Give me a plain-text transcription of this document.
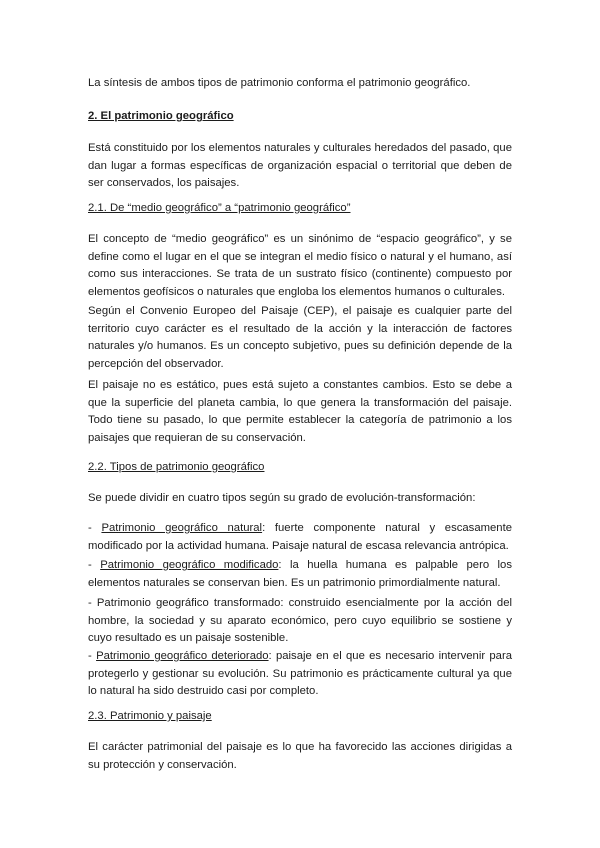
La síntesis de ambos tipos de patrimonio conforma el patrimonio geográfico.

2. El patrimonio geográfico

Está constituido por los elementos naturales y culturales heredados del pasado, que dan lugar a formas específicas de organización espacial o territorial que deben de ser conservados, los paisajes.

2.1. De “medio geográfico” a “patrimonio geográfico”

El concepto de “medio geográfico” es un sinónimo de “espacio geográfico”, y se define como el lugar en el que se integran el medio físico o natural y el humano, así como sus interacciones. Se trata de un sustrato físico (continente) compuesto por elementos geofísicos o naturales que engloba los elementos humanos o culturales.

Según el Convenio Europeo del Paisaje (CEP), el paisaje es cualquier parte del territorio cuyo carácter es el resultado de la acción y la interacción de factores naturales y/o humanos. Es un concepto subjetivo, pues su definición depende de la percepción del observador.

El paisaje no es estático, pues está sujeto a constantes cambios. Esto se debe a que la superficie del planeta cambia, lo que genera la transformación del paisaje. Todo tiene su pasado, lo que permite establecer la categoría de patrimonio a los paisajes que requieran de su conservación.

2.2. Tipos de patrimonio geográfico

Se puede dividir en cuatro tipos según su grado de evolución-transformación:

- Patrimonio geográfico natural: fuerte componente natural y escasamente modificado por la actividad humana. Paisaje natural de escasa relevancia antrópica.

- Patrimonio geográfico modificado: la huella humana es palpable pero los elementos naturales se conservan bien. Es un patrimonio primordialmente natural.

- Patrimonio geográfico transformado: construido esencialmente por la acción del hombre, la sociedad y su aparato económico, pero cuyo equilibrio se sostiene y cuyo resultado es un paisaje sostenible.

- Patrimonio geográfico deteriorado: paisaje en el que es necesario intervenir para protegerlo y gestionar su evolución. Su patrimonio es prácticamente cultural ya que lo natural ha sido destruido casi por completo.

2.3. Patrimonio y paisaje

El carácter patrimonial del paisaje es lo que ha favorecido las acciones dirigidas a su protección y conservación.
